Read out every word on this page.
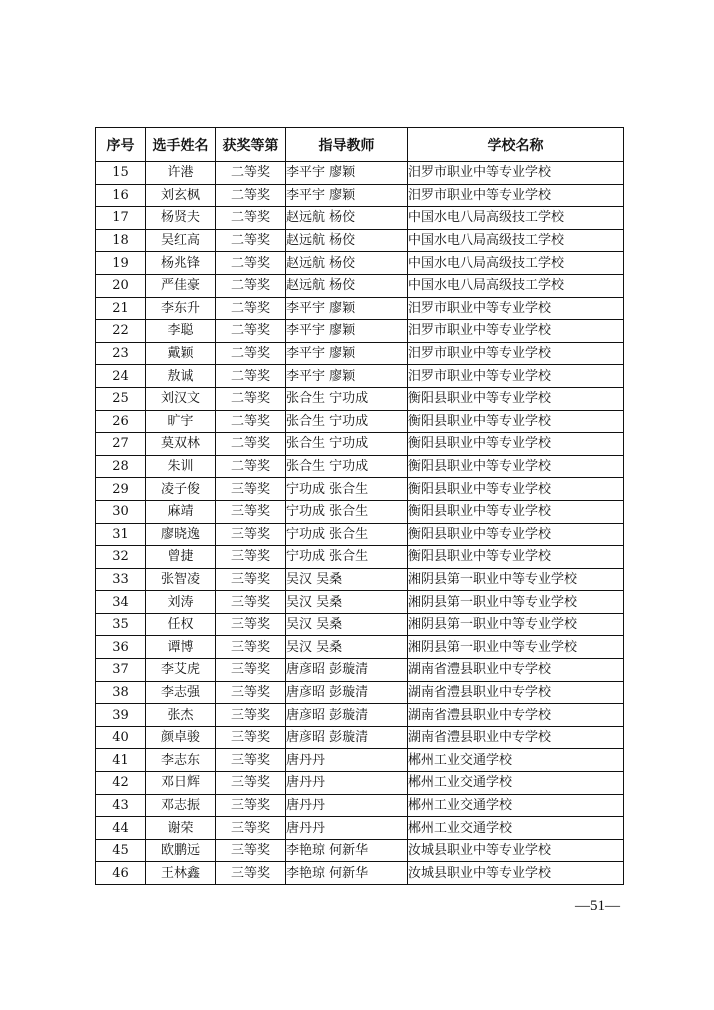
序号	选手姓名	获奖等第	指导教师	学校名称
15	许港	二等奖	李平宇 廖颖	汨罗市职业中等专业学校
16	刘玄枫	二等奖	李平宇 廖颖	汨罗市职业中等专业学校
17	杨贤夫	二等奖	赵远航 杨佼	中国水电八局高级技工学校
18	吴红高	二等奖	赵远航 杨佼	中国水电八局高级技工学校
19	杨兆锋	二等奖	赵远航 杨佼	中国水电八局高级技工学校
20	严佳豪	二等奖	赵远航 杨佼	中国水电八局高级技工学校
21	李东升	二等奖	李平宇 廖颖	汨罗市职业中等专业学校
22	李聪	二等奖	李平宇 廖颖	汨罗市职业中等专业学校
23	戴颖	二等奖	李平宇 廖颖	汨罗市职业中等专业学校
24	敖诚	二等奖	李平宇 廖颖	汨罗市职业中等专业学校
25	刘汉文	二等奖	张合生 宁功成	衡阳县职业中等专业学校
26	旷宇	二等奖	张合生 宁功成	衡阳县职业中等专业学校
27	莫双林	二等奖	张合生 宁功成	衡阳县职业中等专业学校
28	朱训	二等奖	张合生 宁功成	衡阳县职业中等专业学校
29	凌子俊	三等奖	宁功成 张合生	衡阳县职业中等专业学校
30	麻靖	三等奖	宁功成 张合生	衡阳县职业中等专业学校
31	廖晓逸	三等奖	宁功成 张合生	衡阳县职业中等专业学校
32	曾捷	三等奖	宁功成 张合生	衡阳县职业中等专业学校
33	张智凌	三等奖	吴汉 吴桑	湘阴县第一职业中等专业学校
34	刘涛	三等奖	吴汉 吴桑	湘阴县第一职业中等专业学校
35	任权	三等奖	吴汉 吴桑	湘阴县第一职业中等专业学校
36	谭博	三等奖	吴汉 吴桑	湘阴县第一职业中等专业学校
37	李艾虎	三等奖	唐彦昭 彭璇清	湖南省澧县职业中专学校
38	李志强	三等奖	唐彦昭 彭璇清	湖南省澧县职业中专学校
39	张杰	三等奖	唐彦昭 彭璇清	湖南省澧县职业中专学校
40	颜卓骏	三等奖	唐彦昭 彭璇清	湖南省澧县职业中专学校
41	李志东	三等奖	唐丹丹	郴州工业交通学校
42	邓日辉	三等奖	唐丹丹	郴州工业交通学校
43	邓志振	三等奖	唐丹丹	郴州工业交通学校
44	谢荣	三等奖	唐丹丹	郴州工业交通学校
45	欧鹏远	三等奖	李艳琼 何新华	汝城县职业中等专业学校
46	王林鑫	三等奖	李艳琼 何新华	汝城县职业中等专业学校
—51—
